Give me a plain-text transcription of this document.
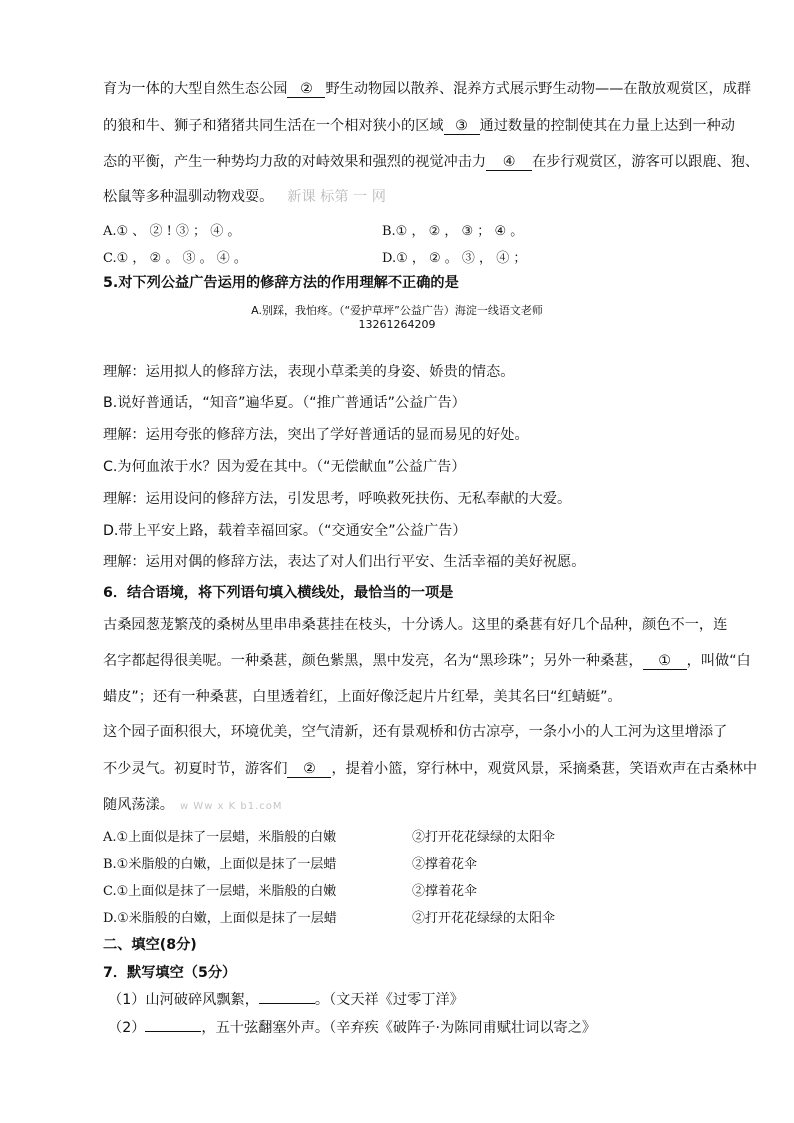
育为一体的大型自然生态公园 ② 野生动物园以散养、混养方式展示野生动物——在散放观赏区，成群
的狼和牛、狮子和猪猪共同生活在一个相对狭小的区域 ③ 通过数量的控制使其在力量上达到一种动
态的平衡，产生一种势均力敌的对峙效果和强烈的视觉冲击力 ④ 在步行观赏区，游客可以跟鹿、狍、
松鼠等多种温驯动物戏耍。 新课 标第 一 网
A.① 、 ② ! ③ ； ④ 。	B.① ， ② ， ③ ； ④ 。
C.① ， ② 。 ③ 。 ④ 。	D.① ， ② 。 ③ ， ④ ；
5.对下列公益广告运用的修辞方法的作用理解不正确的是
A.别踩，我怕疼。（“爱护草坪”公益广告）海淀一线语文老师
13261264209
理解：运用拟人的修辞方法，表现小草柔美的身姿、娇贵的情态。
B.说好普通话，“知音”遍华夏。（“推广普通话”公益广告）
理解：运用夸张的修辞方法，突出了学好普通话的显而易见的好处。
C.为何血浓于水？因为爱在其中。（“无偿献血”公益广告）
理解：运用设问的修辞方法，引发思考，呼唤救死扶伤、无私奉献的大爱。
D.带上平安上路，载着幸福回家。（“交通安全”公益广告）
理解：运用对偶的修辞方法，表达了对人们出行平安、生活幸福的美好祝愿。
6．结合语境，将下列语句填入横线处，最恰当的一项是
古桑园葱茏繁茂的桑树丛里串串桑葚挂在枝头，十分诱人。这里的桑葚有好几个品种，颜色不一，连
名字都起得很美呢。一种桑葚，颜色紫黑，黑中发亮，名为“黑珍珠”；另外一种桑葚， ① ，叫做“白
蜡皮”；还有一种桑葚，白里透着红，上面好像泛起片片红晕，美其名曰“红蜻蜓”。
这个园子面积很大，环境优美，空气清新，还有景观桥和仿古凉亭，一条小小的人工河为这里增添了
不少灵气。初夏时节，游客们 ② ，提着小篮，穿行林中，观赏风景，采摘桑葚，笑语欢声在古桑林中
随风荡漾。 w Ww x K b1.coM
A.①上面似是抹了一层蜡，米脂般的白嫩	②打开花花绿绿的太阳伞
B.①米脂般的白嫩，上面似是抹了一层蜡	②撑着花伞
C.①上面似是抹了一层蜡，米脂般的白嫩	②撑着花伞
D.①米脂般的白嫩，上面似是抹了一层蜡	②打开花花绿绿的太阳伞
二、填空(8分)
7．默写填空（5分）
（1）山河破碎风飘絮，	。（文天祥《过零丁洋》
（2）	，五十弦翻塞外声。（辛弃疾《破阵子·为陈同甫赋壮词以寄之》
